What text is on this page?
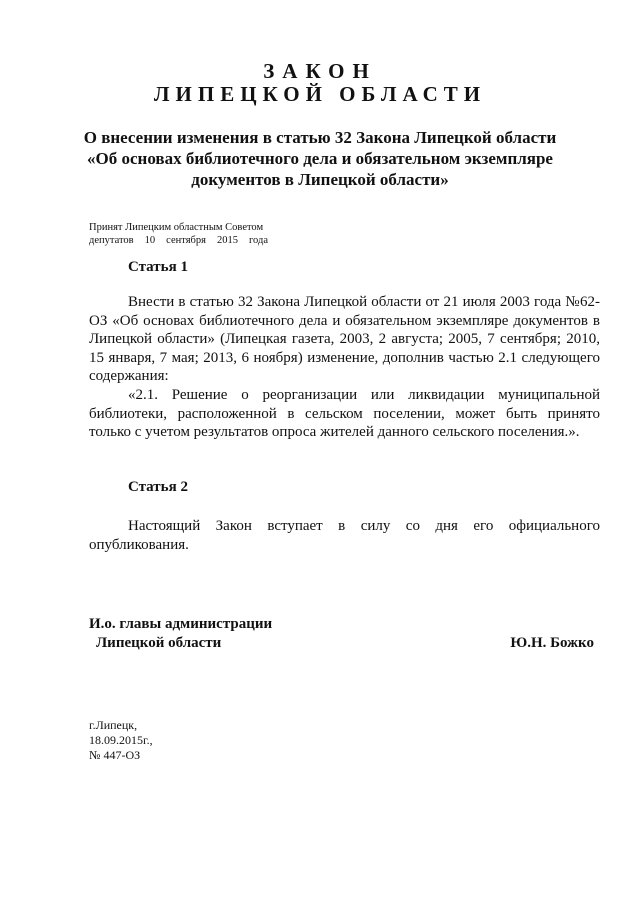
ЗАКОН
ЛИПЕЦКОЙ ОБЛАСТИ
О внесении изменения в статью 32 Закона Липецкой области
«Об основах библиотечного дела и обязательном экземпляре
документов в Липецкой области»
Принят Липецким областным Советом
депутатов 10 сентября 2015 года
Статья 1
Внести в статью 32 Закона Липецкой области от 21 июля 2003 года №62-
ОЗ «Об основах библиотечного дела и обязательном экземпляре документов в
Липецкой области» (Липецкая газета, 2003, 2 августа; 2005, 7 сентября; 2010,
15 января, 7 мая; 2013, 6 ноября) изменение, дополнив частью 2.1 следующего
содержания:
«2.1. Решение о реорганизации или ликвидации муниципальной
библиотеки, расположенной в сельском поселении, может быть принято
только с учетом результатов опроса жителей данного сельского поселения.».
Статья 2
Настоящий Закон вступает в силу со дня его официального
опубликования.
И.о. главы администрации
Липецкой области	Ю.Н. Божко
г.Липецк,
18.09.2015г.,
№ 447-ОЗ
